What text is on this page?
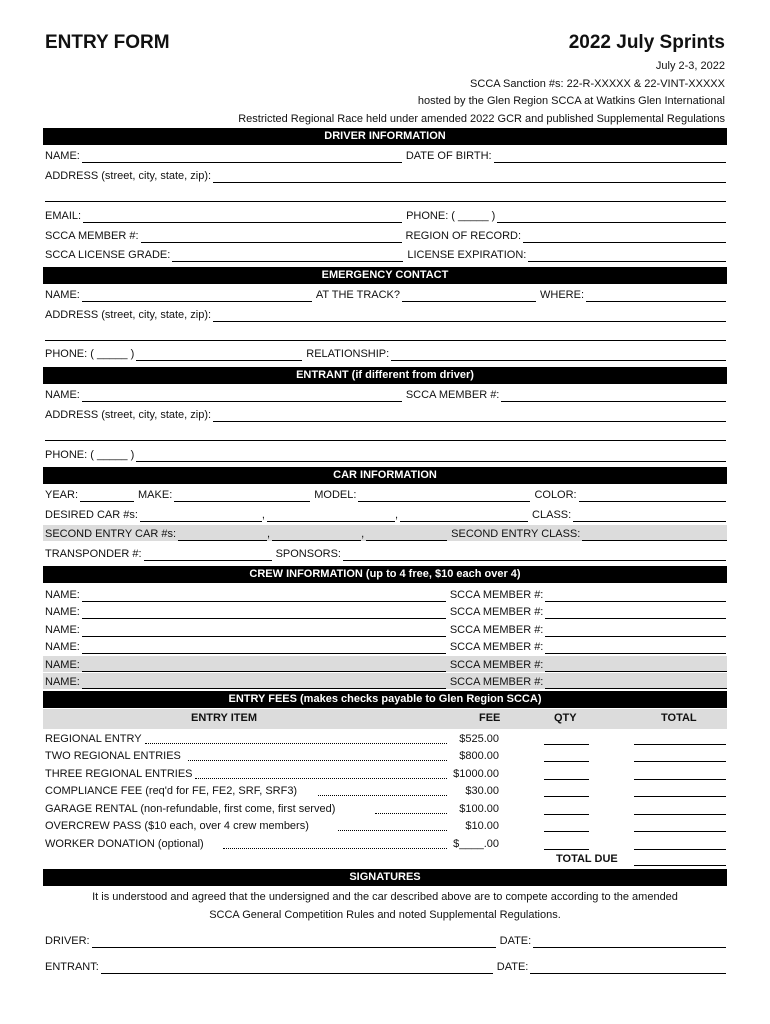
ENTRY FORM	2022 July Sprints
July 2-3, 2022
SCCA Sanction #s: 22-R-XXXXX & 22-VINT-XXXXX
hosted by the Glen Region SCCA at Watkins Glen International
Restricted Regional Race held under amended 2022 GCR and published Supplemental Regulations
DRIVER INFORMATION
NAME:	DATE OF BIRTH:
ADDRESS (street, city, state, zip):
EMAIL:	PHONE: ( _____ )
SCCA MEMBER #:	REGION OF RECORD:
SCCA LICENSE GRADE:	LICENSE EXPIRATION:
EMERGENCY CONTACT
NAME:	AT THE TRACK?	WHERE:
ADDRESS (street, city, state, zip):
PHONE: ( _____ )	RELATIONSHIP:
ENTRANT (if different from driver)
NAME:	SCCA MEMBER #:
ADDRESS (street, city, state, zip):
PHONE: ( _____ )
CAR INFORMATION
YEAR:	MAKE:	MODEL:	COLOR:
DESIRED CAR #s:	,	,	CLASS:
SECOND ENTRY CAR #s:	,	,	SECOND ENTRY CLASS:
TRANSPONDER #:	SPONSORS:
CREW INFORMATION (up to 4 free, $10 each over 4)
NAME:	SCCA MEMBER #:
NAME:	SCCA MEMBER #:
NAME:	SCCA MEMBER #:
NAME:	SCCA MEMBER #:
NAME:	SCCA MEMBER #:
NAME:	SCCA MEMBER #:
ENTRY FEES (makes checks payable to Glen Region SCCA)
ENTRY ITEM	FEE	QTY	TOTAL
REGIONAL ENTRY	$525.00
TWO REGIONAL ENTRIES	$800.00
THREE REGIONAL ENTRIES	$1000.00
COMPLIANCE FEE (req'd for FE, FE2, SRF, SRF3)	$30.00
GARAGE RENTAL (non-refundable, first come, first served)	$100.00
OVERCREW PASS ($10 each, over 4 crew members)	$10.00
WORKER DONATION (optional)	$____.00
TOTAL DUE
SIGNATURES
It is understood and agreed that the undersigned and the car described above are to compete according to the amended
SCCA General Competition Rules and noted Supplemental Regulations.
DRIVER:	DATE:
ENTRANT:	DATE:
